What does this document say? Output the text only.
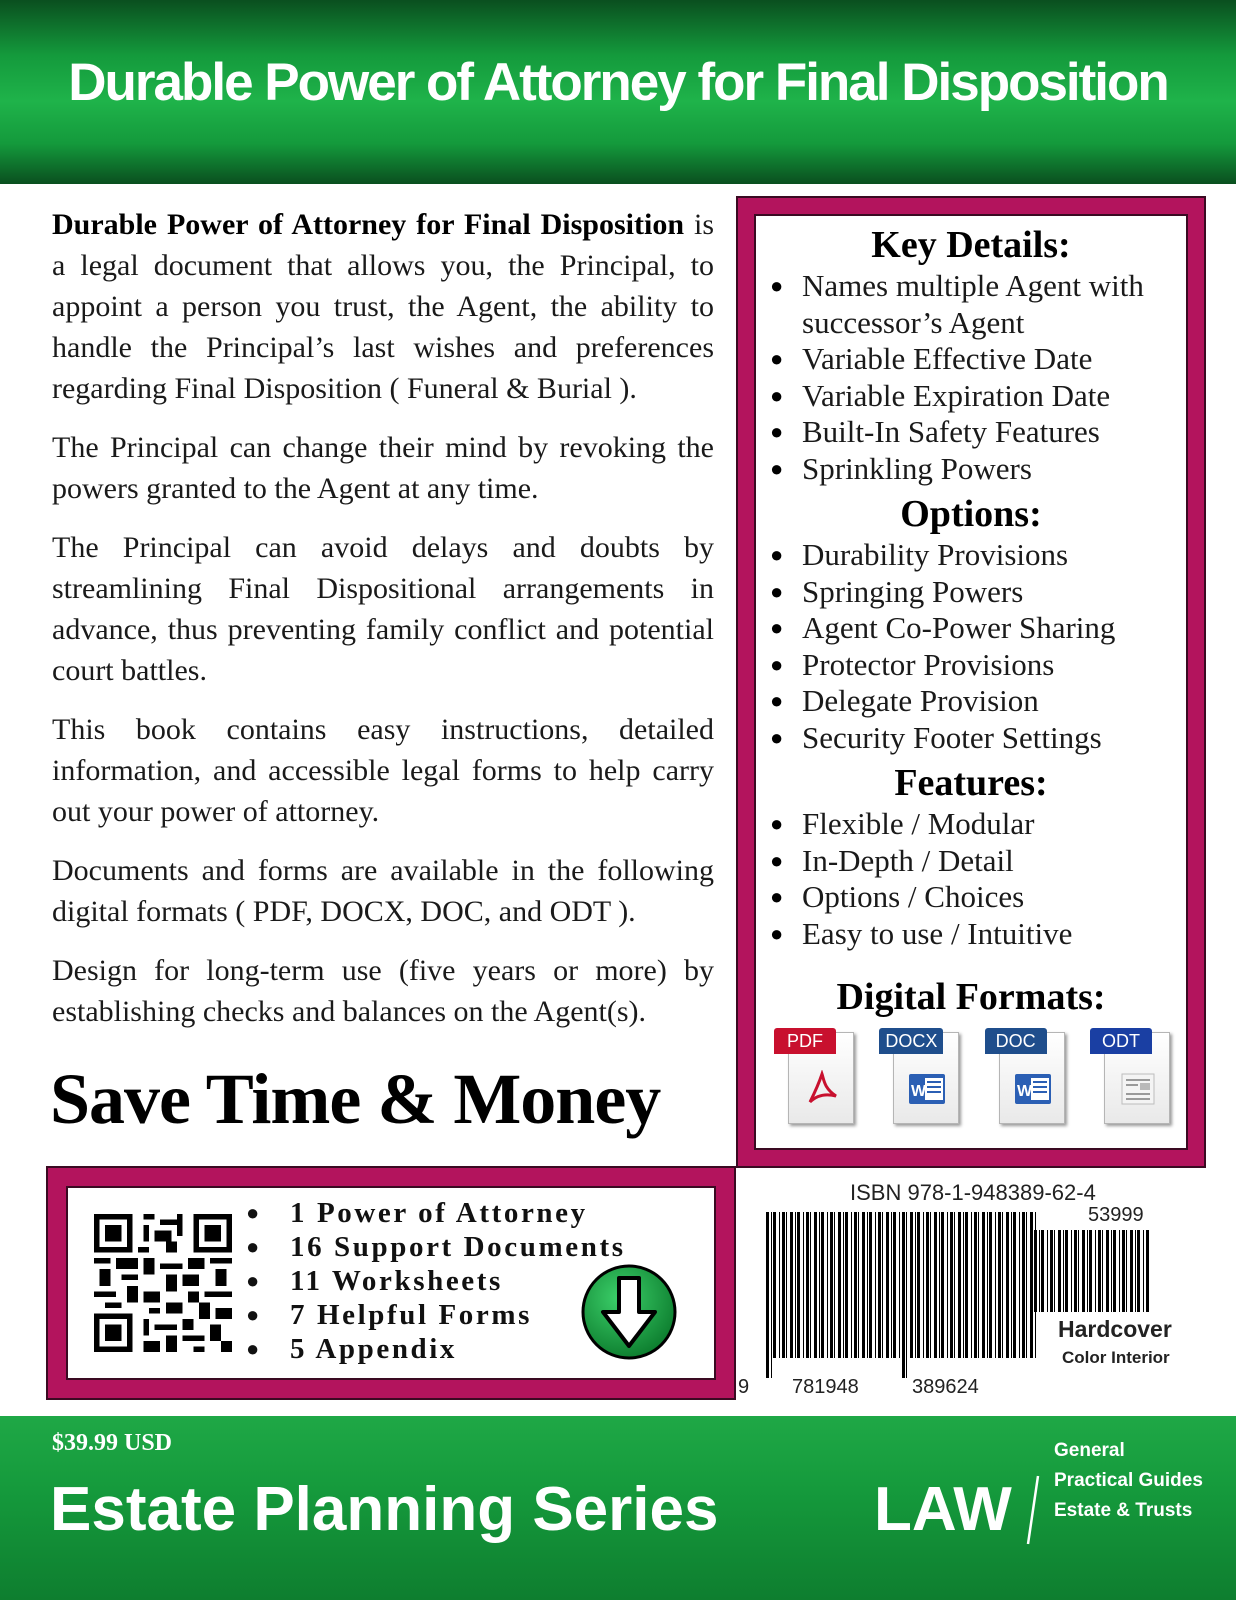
Durable Power of Attorney for Final Disposition

Durable Power of Attorney for Final Disposition is a legal document that allows you, the Principal, to appoint a person you trust, the Agent, the ability to handle the Principal’s last wishes and preferences regarding Final Disposition ( Funeral & Burial ).

The Principal can change their mind by revoking the powers granted to the Agent at any time.

The Principal can avoid delays and doubts by streamlining Final Dispositional arrangements in advance, thus preventing family conflict and potential court battles.

This book contains easy instructions, detailed information, and accessible legal forms to help carry out your power of attorney.

Documents and forms are available in the following digital formats ( PDF, DOCX, DOC, and ODT ).

Design for long-term use (five years or more) by establishing checks and balances on the Agent(s).

Save Time & Money
Key Details:
● Names multiple Agent with successor’s Agent
● Variable Effective Date
● Variable Expiration Date
● Built-In Safety Features
● Sprinkling Powers
Options:
● Durability Provisions
● Springing Powers
● Agent Co-Power Sharing
● Protector Provisions
● Delegate Provision
● Security Footer Settings
Features:
● Flexible / Modular
● In-Depth / Detail
● Options / Choices
● Easy to use / Intuitive
Digital Formats:
PDF	DOCX
W
DOC
W
ODT
● 1 Power of Attorney
● 16 Support Documents
● 11 Worksheets
● 7 Helpful Forms
● 5 Appendix
ISBN 978-1-948389-62-4
53999
9 781948	389624
Hardcover
Color Interior
$39.99 USD
Estate Planning Series	LAW
General
Practical Guides
Estate & Trusts
